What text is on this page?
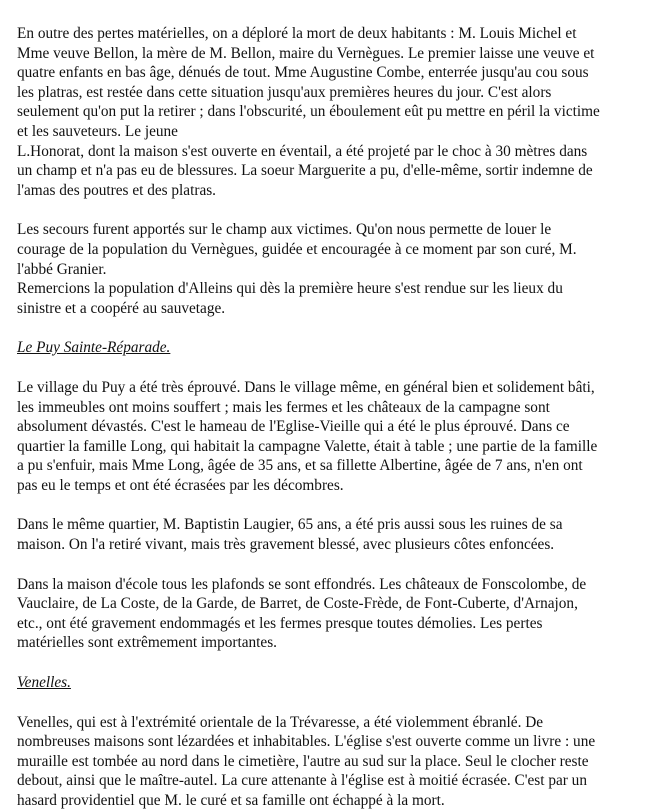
En outre des pertes matérielles, on a déploré la mort de deux habitants : M. Louis Michel et
Mme veuve Bellon, la mère de M. Bellon, maire du Vernègues. Le premier laisse une veuve et
quatre enfants en bas âge, dénués de tout. Mme Augustine Combe, enterrée jusqu'au cou sous
les platras, est restée dans cette situation jusqu'aux premières heures du jour. C'est alors
seulement qu'on put la retirer ; dans l'obscurité, un éboulement eût pu mettre en péril la victime
et les sauveteurs. Le jeune
L.Honorat, dont la maison s'est ouverte en éventail, a été projeté par le choc à 30 mètres dans
un champ et n'a pas eu de blessures. La soeur Marguerite a pu, d'elle-même, sortir indemne de
l'amas des poutres et des platras.

Les secours furent apportés sur le champ aux victimes. Qu'on nous permette de louer le
courage de la population du Vernègues, guidée et encouragée à ce moment par son curé, M.
l'abbé Granier.

Remercions la population d'Alleins qui dès la première heure s'est rendue sur les lieux du
sinistre et a coopéré au sauvetage.

Le Puy Sainte-Réparade.

Le village du Puy a été très éprouvé. Dans le village même, en général bien et solidement bâti,
les immeubles ont moins souffert ; mais les fermes et les châteaux de la campagne sont
absolument dévastés. C'est le hameau de l'Eglise-Vieille qui a été le plus éprouvé. Dans ce
quartier la famille Long, qui habitait la campagne Valette, était à table ; une partie de la famille
a pu s'enfuir, mais Mme Long, âgée de 35 ans, et sa fillette Albertine, âgée de 7 ans, n'en ont
pas eu le temps et ont été écrasées par les décombres.

Dans le même quartier, M. Baptistin Laugier, 65 ans, a été pris aussi sous les ruines de sa
maison. On l'a retiré vivant, mais très gravement blessé, avec plusieurs côtes enfoncées.

Dans la maison d'école tous les plafonds se sont effondrés. Les châteaux de Fonscolombe, de
Vauclaire, de La Coste, de la Garde, de Barret, de Coste-Frède, de Font-Cuberte, d'Arnajon,
etc., ont été gravement endommagés et les fermes presque toutes démolies. Les pertes
matérielles sont extrêmement importantes.

Venelles.

Venelles, qui est à l'extrémité orientale de la Trévaresse, a été violemment ébranlé. De
nombreuses maisons sont lézardées et inhabitables. L'église s'est ouverte comme un livre : une
muraille est tombée au nord dans le cimetière, l'autre au sud sur la place. Seul le clocher reste
debout, ainsi que le maître-autel. La cure attenante à l'église est à moitié écrasée. C'est par un
hasard providentiel que M. le curé et sa famille ont échappé à la mort.
